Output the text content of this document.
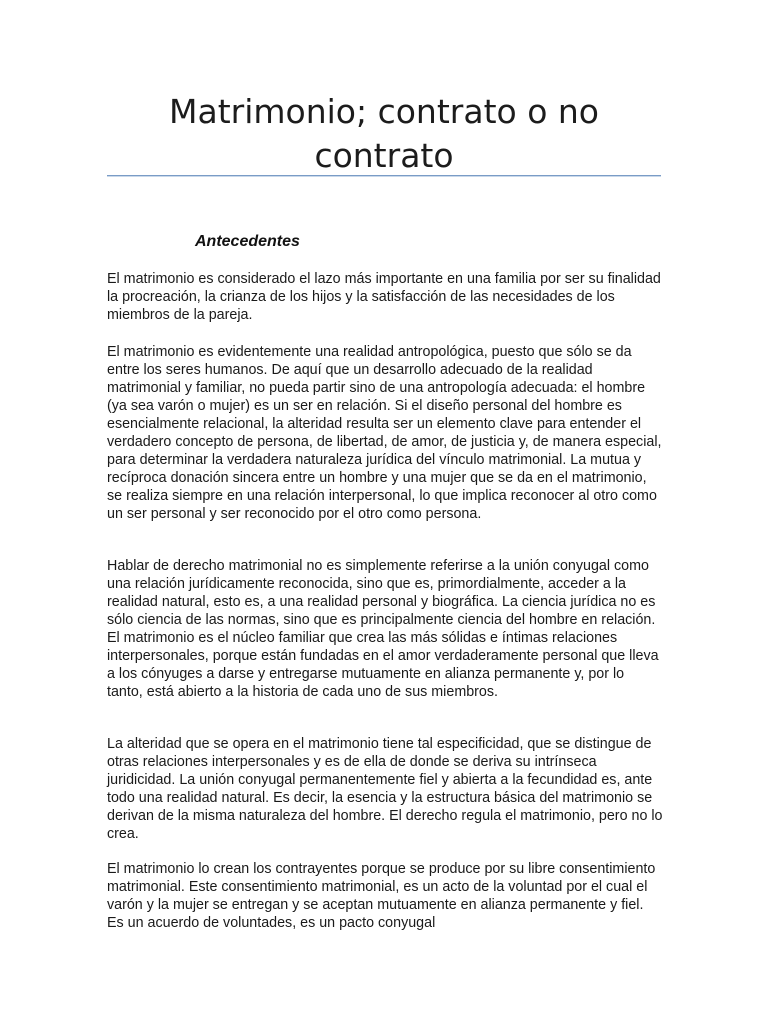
Matrimonio; contrato o no contrato
Antecedentes

El matrimonio es considerado el lazo más importante en una familia por ser su finalidad la procreación, la crianza de los hijos y la satisfacción de las necesidades de los miembros de la pareja.

El matrimonio es evidentemente una realidad antropológica, puesto que sólo se da entre los seres humanos. De aquí que un desarrollo adecuado de la realidad matrimonial y familiar, no pueda partir sino de una antropología adecuada: el hombre (ya sea varón o mujer) es un ser en relación. Si el diseño personal del hombre es esencialmente relacional, la alteridad resulta ser un elemento clave para entender el verdadero concepto de persona, de libertad, de amor, de justicia y, de manera especial, para determinar la verdadera naturaleza jurídica del vínculo matrimonial. La mutua y recíproca donación sincera entre un hombre y una mujer que se da en el matrimonio, se realiza siempre en una relación interpersonal, lo que implica reconocer al otro como un ser personal y ser reconocido por el otro como persona.

Hablar de derecho matrimonial no es simplemente referirse a la unión conyugal como una relación jurídicamente reconocida, sino que es, primordialmente, acceder a la realidad natural, esto es, a una realidad personal y biográfica. La ciencia jurídica no es sólo ciencia de las normas, sino que es principalmente ciencia del hombre en relación. El matrimonio es el núcleo familiar que crea las más sólidas e íntimas relaciones interpersonales, porque están fundadas en el amor verdaderamente personal que lleva a los cónyuges a darse y entregarse mutuamente en alianza permanente y, por lo tanto, está abierto a la historia de cada uno de sus miembros.

La alteridad que se opera en el matrimonio tiene tal especificidad, que se distingue de otras relaciones interpersonales y es de ella de donde se deriva su intrínseca juridicidad. La unión conyugal permanentemente fiel y abierta a la fecundidad es, ante todo una realidad natural. Es decir, la esencia y la estructura básica del matrimonio se derivan de la misma naturaleza del hombre. El derecho regula el matrimonio, pero no lo crea.

El matrimonio lo crean los contrayentes porque se produce por su libre consentimiento matrimonial. Este consentimiento matrimonial, es un acto de la voluntad por el cual el varón y la mujer se entregan y se aceptan mutuamente en alianza permanente y fiel. Es un acuerdo de voluntades, es un pacto conyugal
